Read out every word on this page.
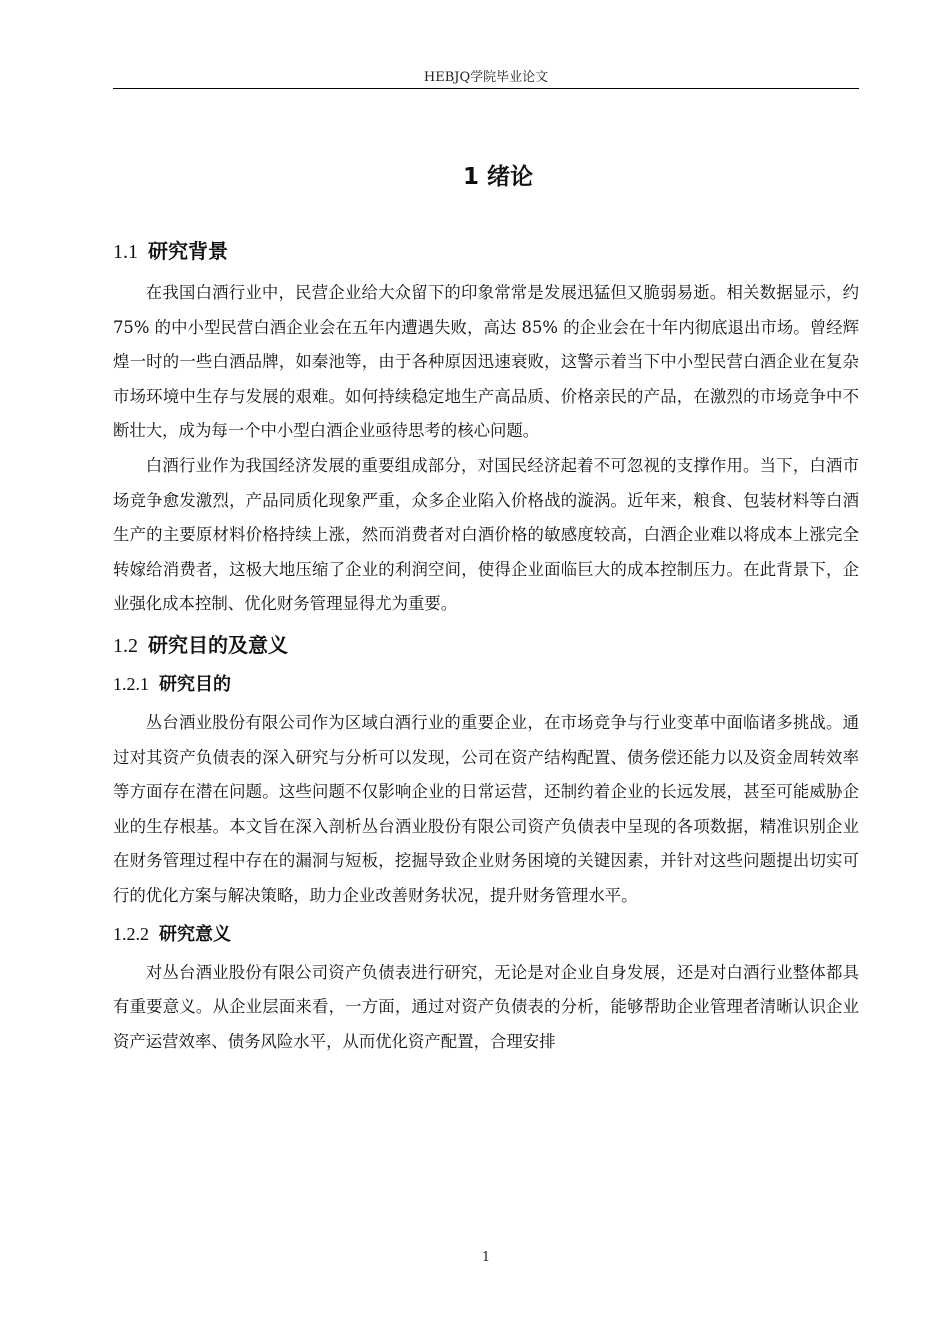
HEBJQ学院毕业论文
1 绪论
1.1 研究背景

在我国白酒行业中，民营企业给大众留下的印象常常是发展迅猛但又脆弱易逝。相关数据显示，约 75% 的中小型民营白酒企业会在五年内遭遇失败，高达 85% 的企业会在十年内彻底退出市场。曾经辉煌一时的一些白酒品牌，如秦池等，由于各种原因迅速衰败，这警示着当下中小型民营白酒企业在复杂市场环境中生存与发展的艰难。如何持续稳定地生产高品质、价格亲民的产品，在激烈的市场竞争中不断壮大，成为每一个中小型白酒企业亟待思考的核心问题。

白酒行业作为我国经济发展的重要组成部分，对国民经济起着不可忽视的支撑作用。当下，白酒市场竞争愈发激烈，产品同质化现象严重，众多企业陷入价格战的漩涡。近年来，粮食、包装材料等白酒生产的主要原材料价格持续上涨，然而消费者对白酒价格的敏感度较高，白酒企业难以将成本上涨完全转嫁给消费者，这极大地压缩了企业的利润空间，使得企业面临巨大的成本控制压力。在此背景下，企业强化成本控制、优化财务管理显得尤为重要。

1.2 研究目的及意义
1.2.1 研究目的

丛台酒业股份有限公司作为区域白酒行业的重要企业，在市场竞争与行业变革中面临诸多挑战。通过对其资产负债表的深入研究与分析可以发现，公司在资产结构配置、债务偿还能力以及资金周转效率等方面存在潜在问题。这些问题不仅影响企业的日常运营，还制约着企业的长远发展，甚至可能威胁企业的生存根基。本文旨在深入剖析丛台酒业股份有限公司资产负债表中呈现的各项数据，精准识别企业在财务管理过程中存在的漏洞与短板，挖掘导致企业财务困境的关键因素，并针对这些问题提出切实可行的优化方案与解决策略，助力企业改善财务状况，提升财务管理水平。

1.2.2 研究意义

对丛台酒业股份有限公司资产负债表进行研究，无论是对企业自身发展，还是对白酒行业整体都具有重要意义。从企业层面来看，一方面，通过对资产负债表的分析，能够帮助企业管理者清晰认识企业资产运营效率、债务风险水平，从而优化资产配置，合理安排

1
